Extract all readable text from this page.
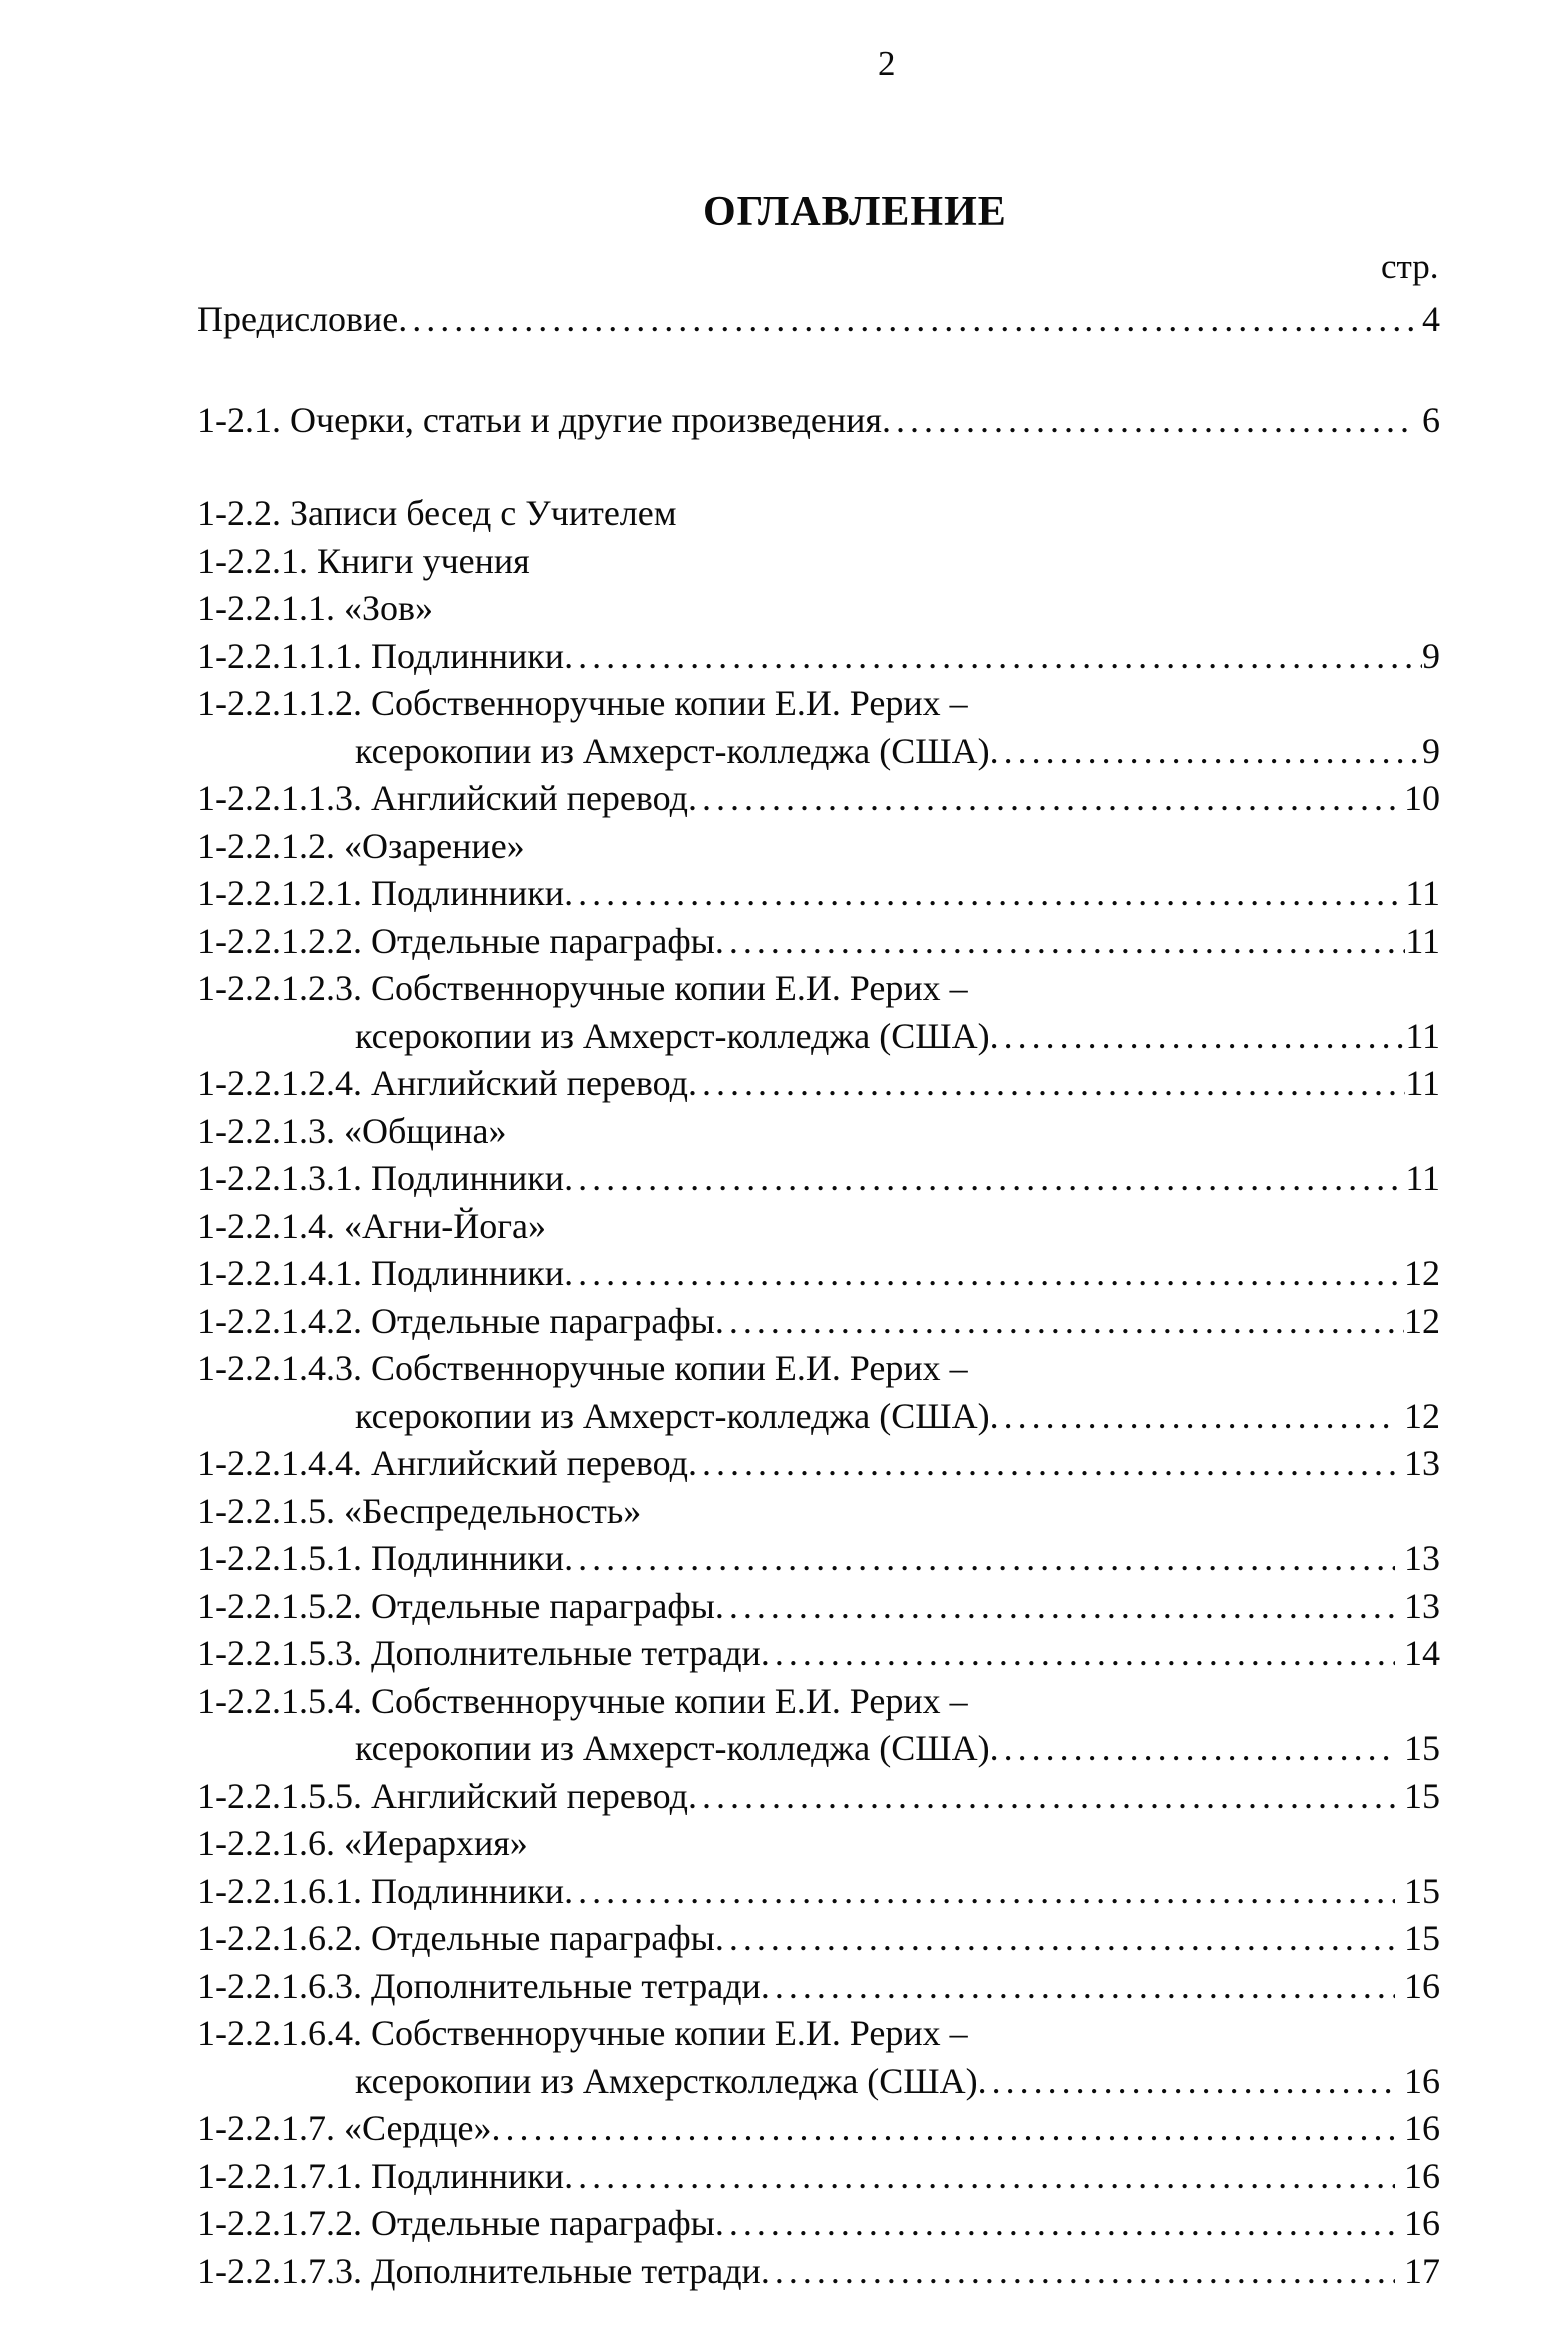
2
ОГЛАВЛЕНИЕ
стр.
Предисловие .....	4
1-2.1. Очерки, статьи и другие произведения .....	6
1-2.2. Записи бесед с Учителем
1-2.2.1. Книги учения
1-2.2.1.1. «Зов»
1-2.2.1.1.1. Подлинники .....	9
1-2.2.1.1.2. Собственноручные копии Е.И. Рерих –
ксерокопии из Амхерст-колледжа (США) .....	9
1-2.2.1.1.3. Английский перевод .....	10
1-2.2.1.2. «Озарение»
1-2.2.1.2.1. Подлинники .....	11
1-2.2.1.2.2. Отдельные параграфы .....	11
1-2.2.1.2.3. Собственноручные копии Е.И. Рерих –
ксерокопии из Амхерст-колледжа (США) .....	11
1-2.2.1.2.4. Английский перевод .....	11
1-2.2.1.3. «Община»
1-2.2.1.3.1. Подлинники .....	11
1-2.2.1.4. «Агни-Йога»
1-2.2.1.4.1. Подлинники .....	12
1-2.2.1.4.2. Отдельные параграфы .....	12
1-2.2.1.4.3. Собственноручные копии Е.И. Рерих –
ксерокопии из Амхерст-колледжа (США) .....	12
1-2.2.1.4.4. Английский перевод .....	13
1-2.2.1.5. «Беспредельность»
1-2.2.1.5.1. Подлинники .....	13
1-2.2.1.5.2. Отдельные параграфы .....	13
1-2.2.1.5.3. Дополнительные тетради .....	14
1-2.2.1.5.4. Собственноручные копии Е.И. Рерих –
ксерокопии из Амхерст-колледжа (США) .....	15
1-2.2.1.5.5. Английский перевод .....	15
1-2.2.1.6. «Иерархия»
1-2.2.1.6.1. Подлинники .....	15
1-2.2.1.6.2. Отдельные параграфы .....	15
1-2.2.1.6.3. Дополнительные тетради .....	16
1-2.2.1.6.4. Собственноручные копии Е.И. Рерих –
ксерокопии из Амхерстколледжа (США) .....	16
1-2.2.1.7. «Сердце» .....	16
1-2.2.1.7.1. Подлинники .....	16
1-2.2.1.7.2. Отдельные параграфы .....	16
1-2.2.1.7.3. Дополнительные тетради .....	17
